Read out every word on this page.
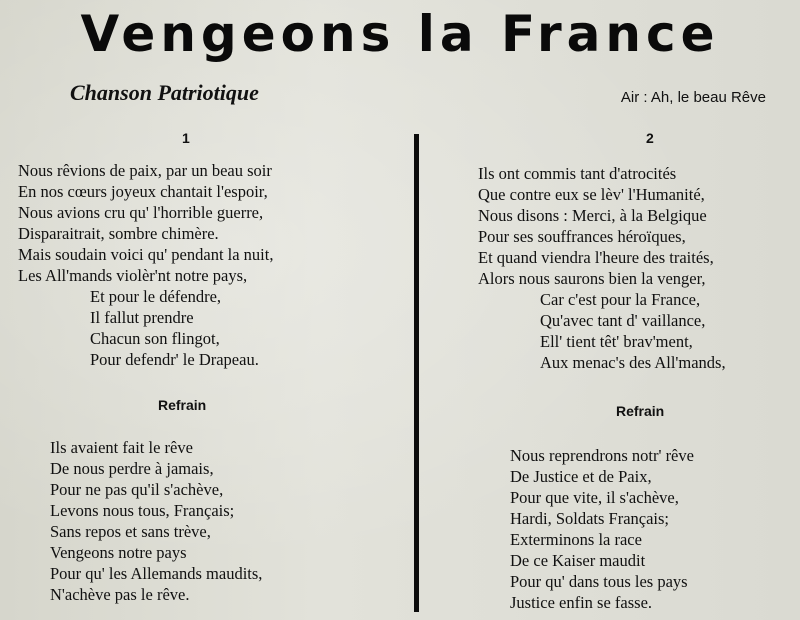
Vengeons la France
Chanson Patriotique	Air : Ah, le beau Rêve
1
Nous rêvions de paix, par un beau soir
En nos cœurs joyeux chantait l'espoir,
Nous avions cru qu' l'horrible guerre,
Disparaitrait, sombre chimère.
Mais soudain voici qu' pendant la nuit,
Les All'mands violèr'nt notre pays,
Et pour le défendre,
Il fallut prendre
Chacun son flingot,
Pour defendr' le Drapeau.
Refrain
Ils avaient fait le rêve
De nous perdre à jamais,
Pour ne pas qu'il s'achève,
Levons nous tous, Français;
Sans repos et sans trève,
Vengeons notre pays
Pour qu' les Allemands maudits,
N'achève pas le rêve.
2
Ils ont commis tant d'atrocités
Que contre eux se lèv' l'Humanité,
Nous disons : Merci, à la Belgique
Pour ses souffrances héroïques,
Et quand viendra l'heure des traités,
Alors nous saurons bien la venger,
Car c'est pour la France,
Qu'avec tant d' vaillance,
Ell' tient têt' brav'ment,
Aux menac's des All'mands,
Refrain
Nous reprendrons notr' rêve
De Justice et de Paix,
Pour que vite, il s'achève,
Hardi, Soldats Français;
Exterminons la race
De ce Kaiser maudit
Pour qu' dans tous les pays
Justice enfin se fasse.
